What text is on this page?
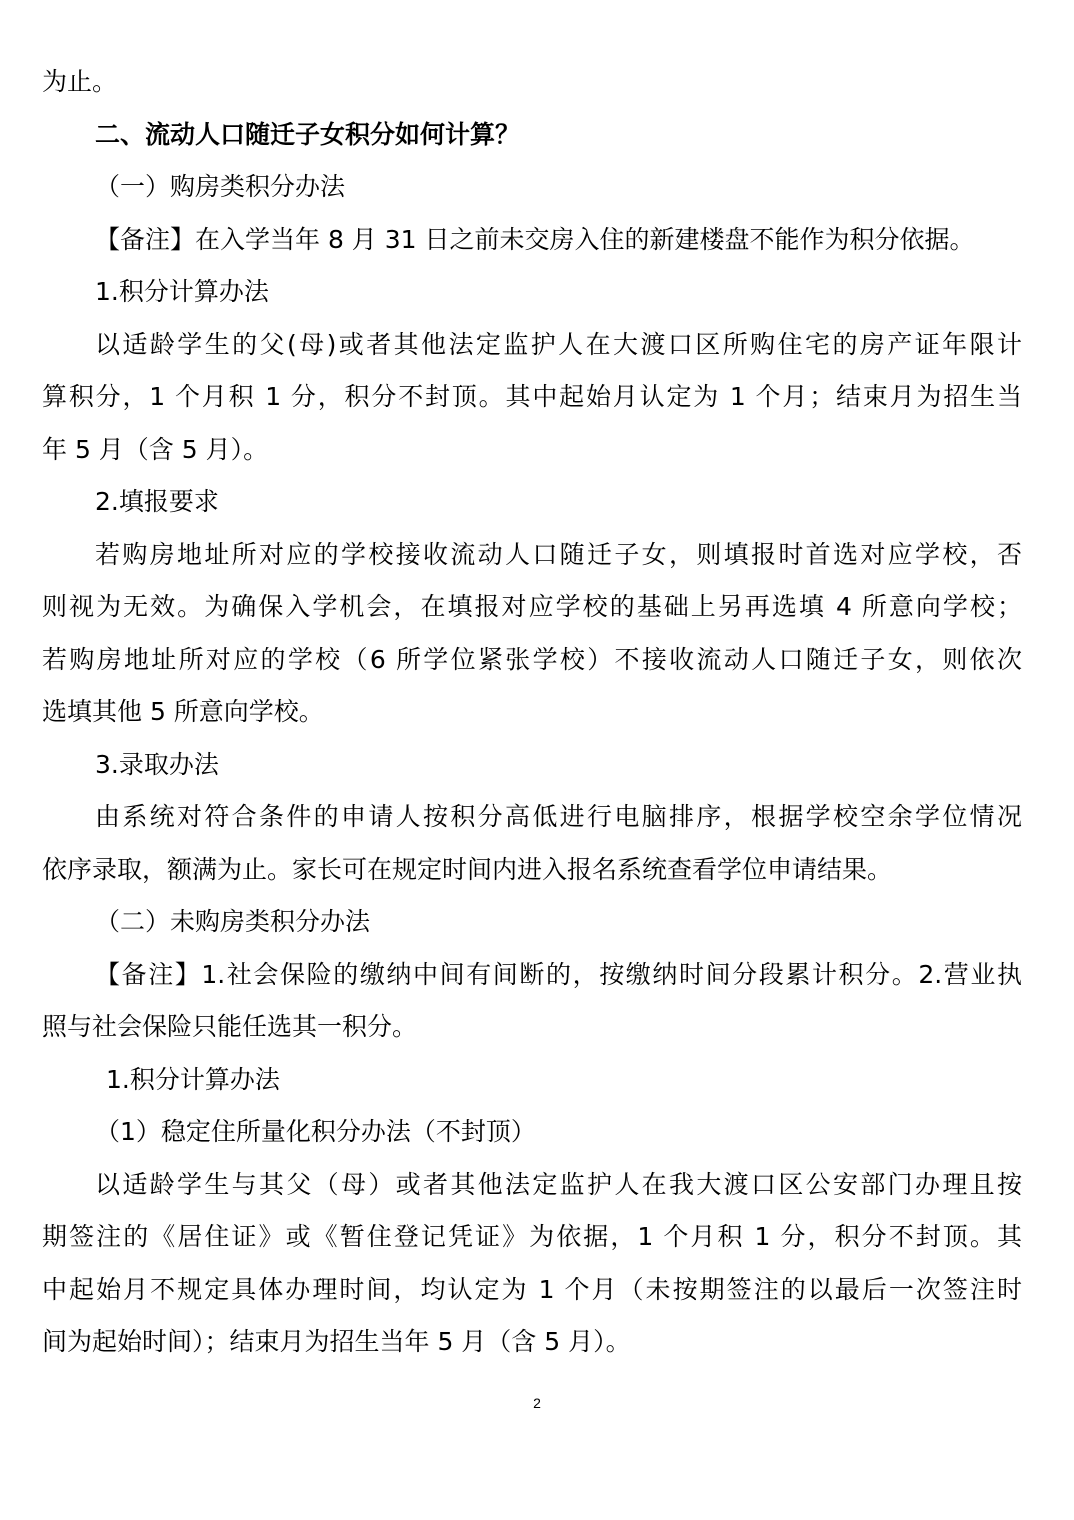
为止。
二、流动人口随迁子女积分如何计算？
（一）购房类积分办法
【备注】在入学当年 8 月 31 日之前未交房入住的新建楼盘不能作为积分依据。
1.积分计算办法
以适龄学生的父(母)或者其他法定监护人在大渡口区所购住宅的房产证年限计
算积分，1 个月积 1 分，积分不封顶。其中起始月认定为 1 个月；结束月为招生当
年 5 月（含 5 月）。
2.填报要求
若购房地址所对应的学校接收流动人口随迁子女，则填报时首选对应学校，否
则视为无效。为确保入学机会，在填报对应学校的基础上另再选填 4 所意向学校；
若购房地址所对应的学校（6 所学位紧张学校）不接收流动人口随迁子女，则依次
选填其他 5 所意向学校。
3.录取办法
由系统对符合条件的申请人按积分高低进行电脑排序，根据学校空余学位情况
依序录取，额满为止。家长可在规定时间内进入报名系统查看学位申请结果。
（二）未购房类积分办法
【备注】1.社会保险的缴纳中间有间断的，按缴纳时间分段累计积分。2.营业执
照与社会保险只能任选其一积分。
1.积分计算办法
（1）稳定住所量化积分办法（不封顶）
以适龄学生与其父（母）或者其他法定监护人在我大渡口区公安部门办理且按
期签注的《居住证》或《暂住登记凭证》为依据，1 个月积 1 分，积分不封顶。其
中起始月不规定具体办理时间，均认定为 1 个月（未按期签注的以最后一次签注时
间为起始时间）；结束月为招生当年 5 月（含 5 月）。
2
